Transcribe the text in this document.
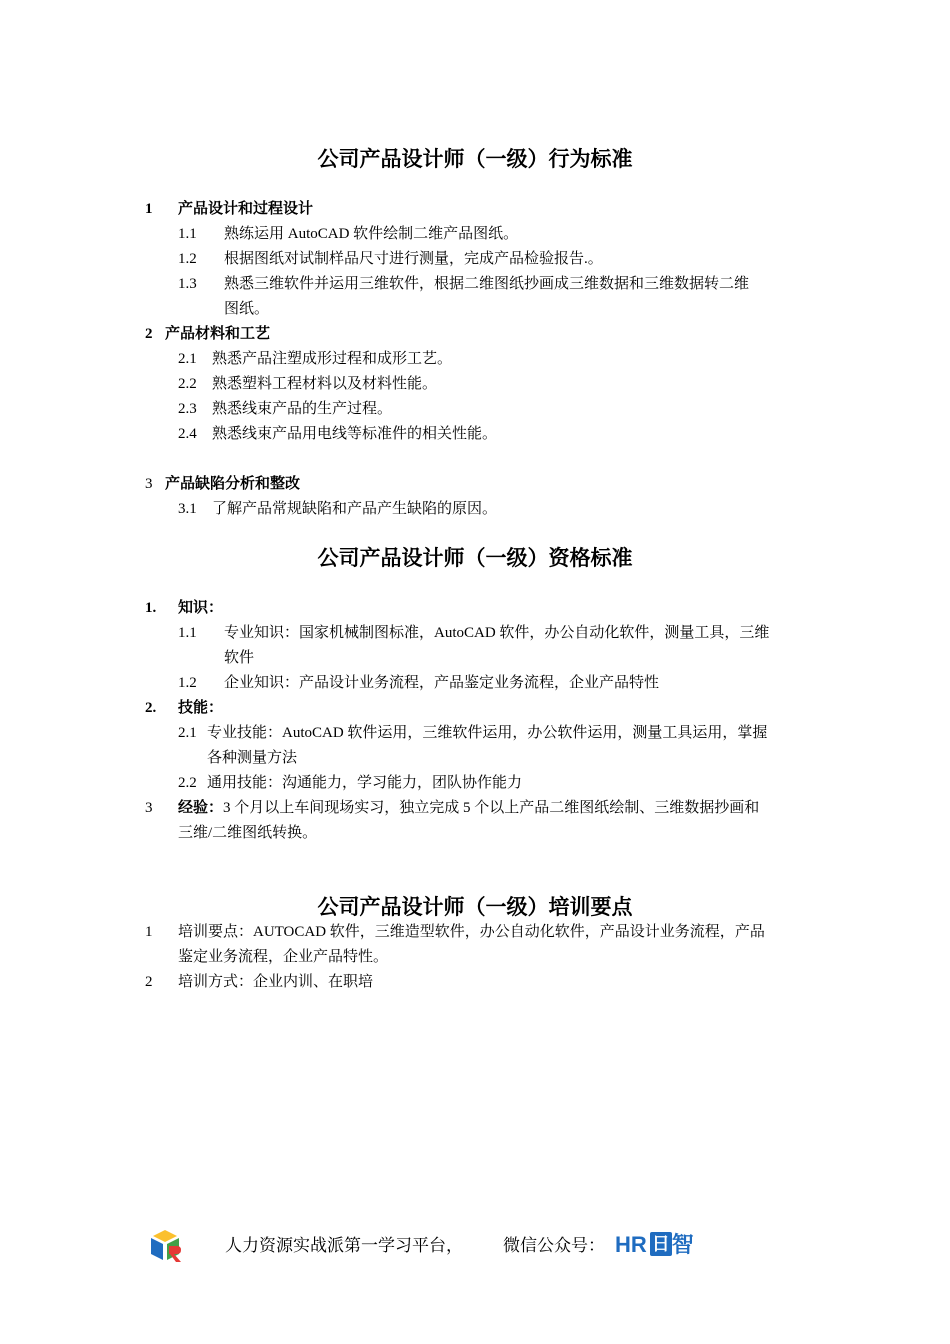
公司产品设计师（一级）行为标准
1 产品设计和过程设计
1.1 熟练运用 AutoCAD 软件绘制二维产品图纸。
1.2 根据图纸对试制样品尺寸进行测量，完成产品检验报告.。
1.3 熟悉三维软件并运用三维软件，根据二维图纸抄画成三维数据和三维数据转二维
图纸。
2 产品材料和工艺
2.1 熟悉产品注塑成形过程和成形工艺。
2.2 熟悉塑料工程材料以及材料性能。
2.3 熟悉线束产品的生产过程。
2.4 熟悉线束产品用电线等标准件的相关性能。
3 产品缺陷分析和整改
3.1 了解产品常规缺陷和产品产生缺陷的原因。
公司产品设计师（一级）资格标准
1. 知识：
1.1 专业知识：国家机械制图标准，AutoCAD 软件，办公自动化软件，测量工具，三维
软件
1.2 企业知识：产品设计业务流程，产品鉴定业务流程，企业产品特性
2. 技能：
2.1 专业技能：AutoCAD 软件运用，三维软件运用，办公软件运用，测量工具运用，掌握
各种测量方法
2.2 通用技能：沟通能力，学习能力，团队协作能力
3 经验：3 个月以上车间现场实习，独立完成 5 个以上产品二维图纸绘制、三维数据抄画和
三维/二维图纸转换。
公司产品设计师（一级）培训要点
1 培训要点：AUTOCAD 软件，三维造型软件，办公自动化软件，产品设计业务流程，产品
鉴定业务流程，企业产品特性。
2 培训方式：企业内训、在职培
人力资源实战派第一学习平台， 微信公众号： HR 日智
